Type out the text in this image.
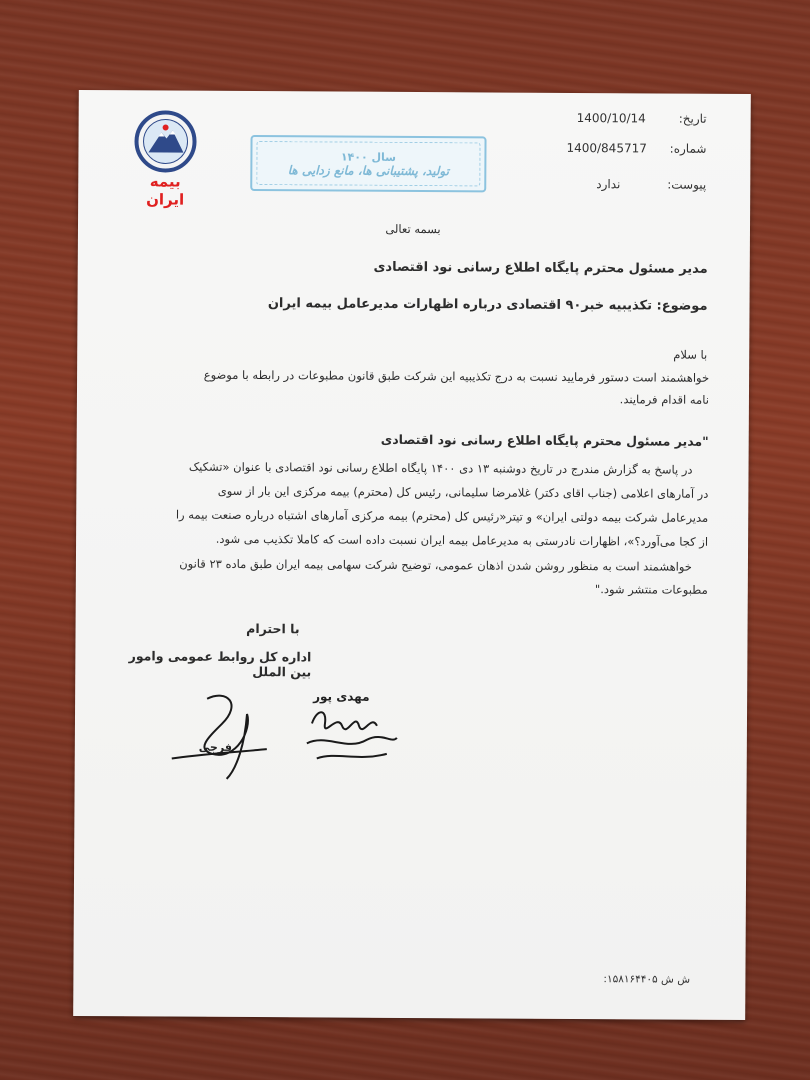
بیمه ایران
سال ۱۴۰۰
تولید، پشتیبانی ها، مانع زدایی ها
تاریخ:
1400/10/14
شماره:
1400/845717
پیوست:
ندارد
بسمه تعالی
مدیر مسئول محترم پایگاه اطلاع رسانی نود اقتصادی
موضوع: تکذیبیه خبر۹۰ اقتصادی درباره اظهارات مدیرعامل بیمه ایران
با سلام
خواهشمند است دستور فرمایید نسبت به درج تکذیبیه این شرکت طبق قانون مطبوعات در رابطه با موضوع
نامه اقدام فرمایند.
"مدیر مسئول محترم پایگاه اطلاع رسانی نود اقتصادی
در پاسخ به گزارش مندرج در تاریخ دوشنبه ۱۳ دی ۱۴۰۰ پایگاه اطلاع رسانی نود اقتصادی با عنوان «تشکیک
در آمارهای اعلامی (جناب اقای دکتر) غلامرضا سلیمانی، رئیس کل (محترم) بیمه مرکزی این بار از سوی
مدیرعامل شرکت بیمه دولتی ایران» و تیتر«رئیس کل (محترم) بیمه مرکزی آمارهای اشتباه درباره صنعت بیمه را
از کجا می‌آورد؟»، اظهارات نادرستی به مدیرعامل بیمه ایران نسبت داده است که کاملا تکذیب می شود.
خواهشمند است به منظور روشن شدن اذهان عمومی، توضیح شرکت سهامی بیمه ایران طبق ماده ۲۳ قانون
مطبوعات منتشر شود."
با احترام
اداره کل روابط عمومی وامور بین الملل
فرجی
مهدی پور
ش ش ۱۵۸۱۶۴۴۰۵:
